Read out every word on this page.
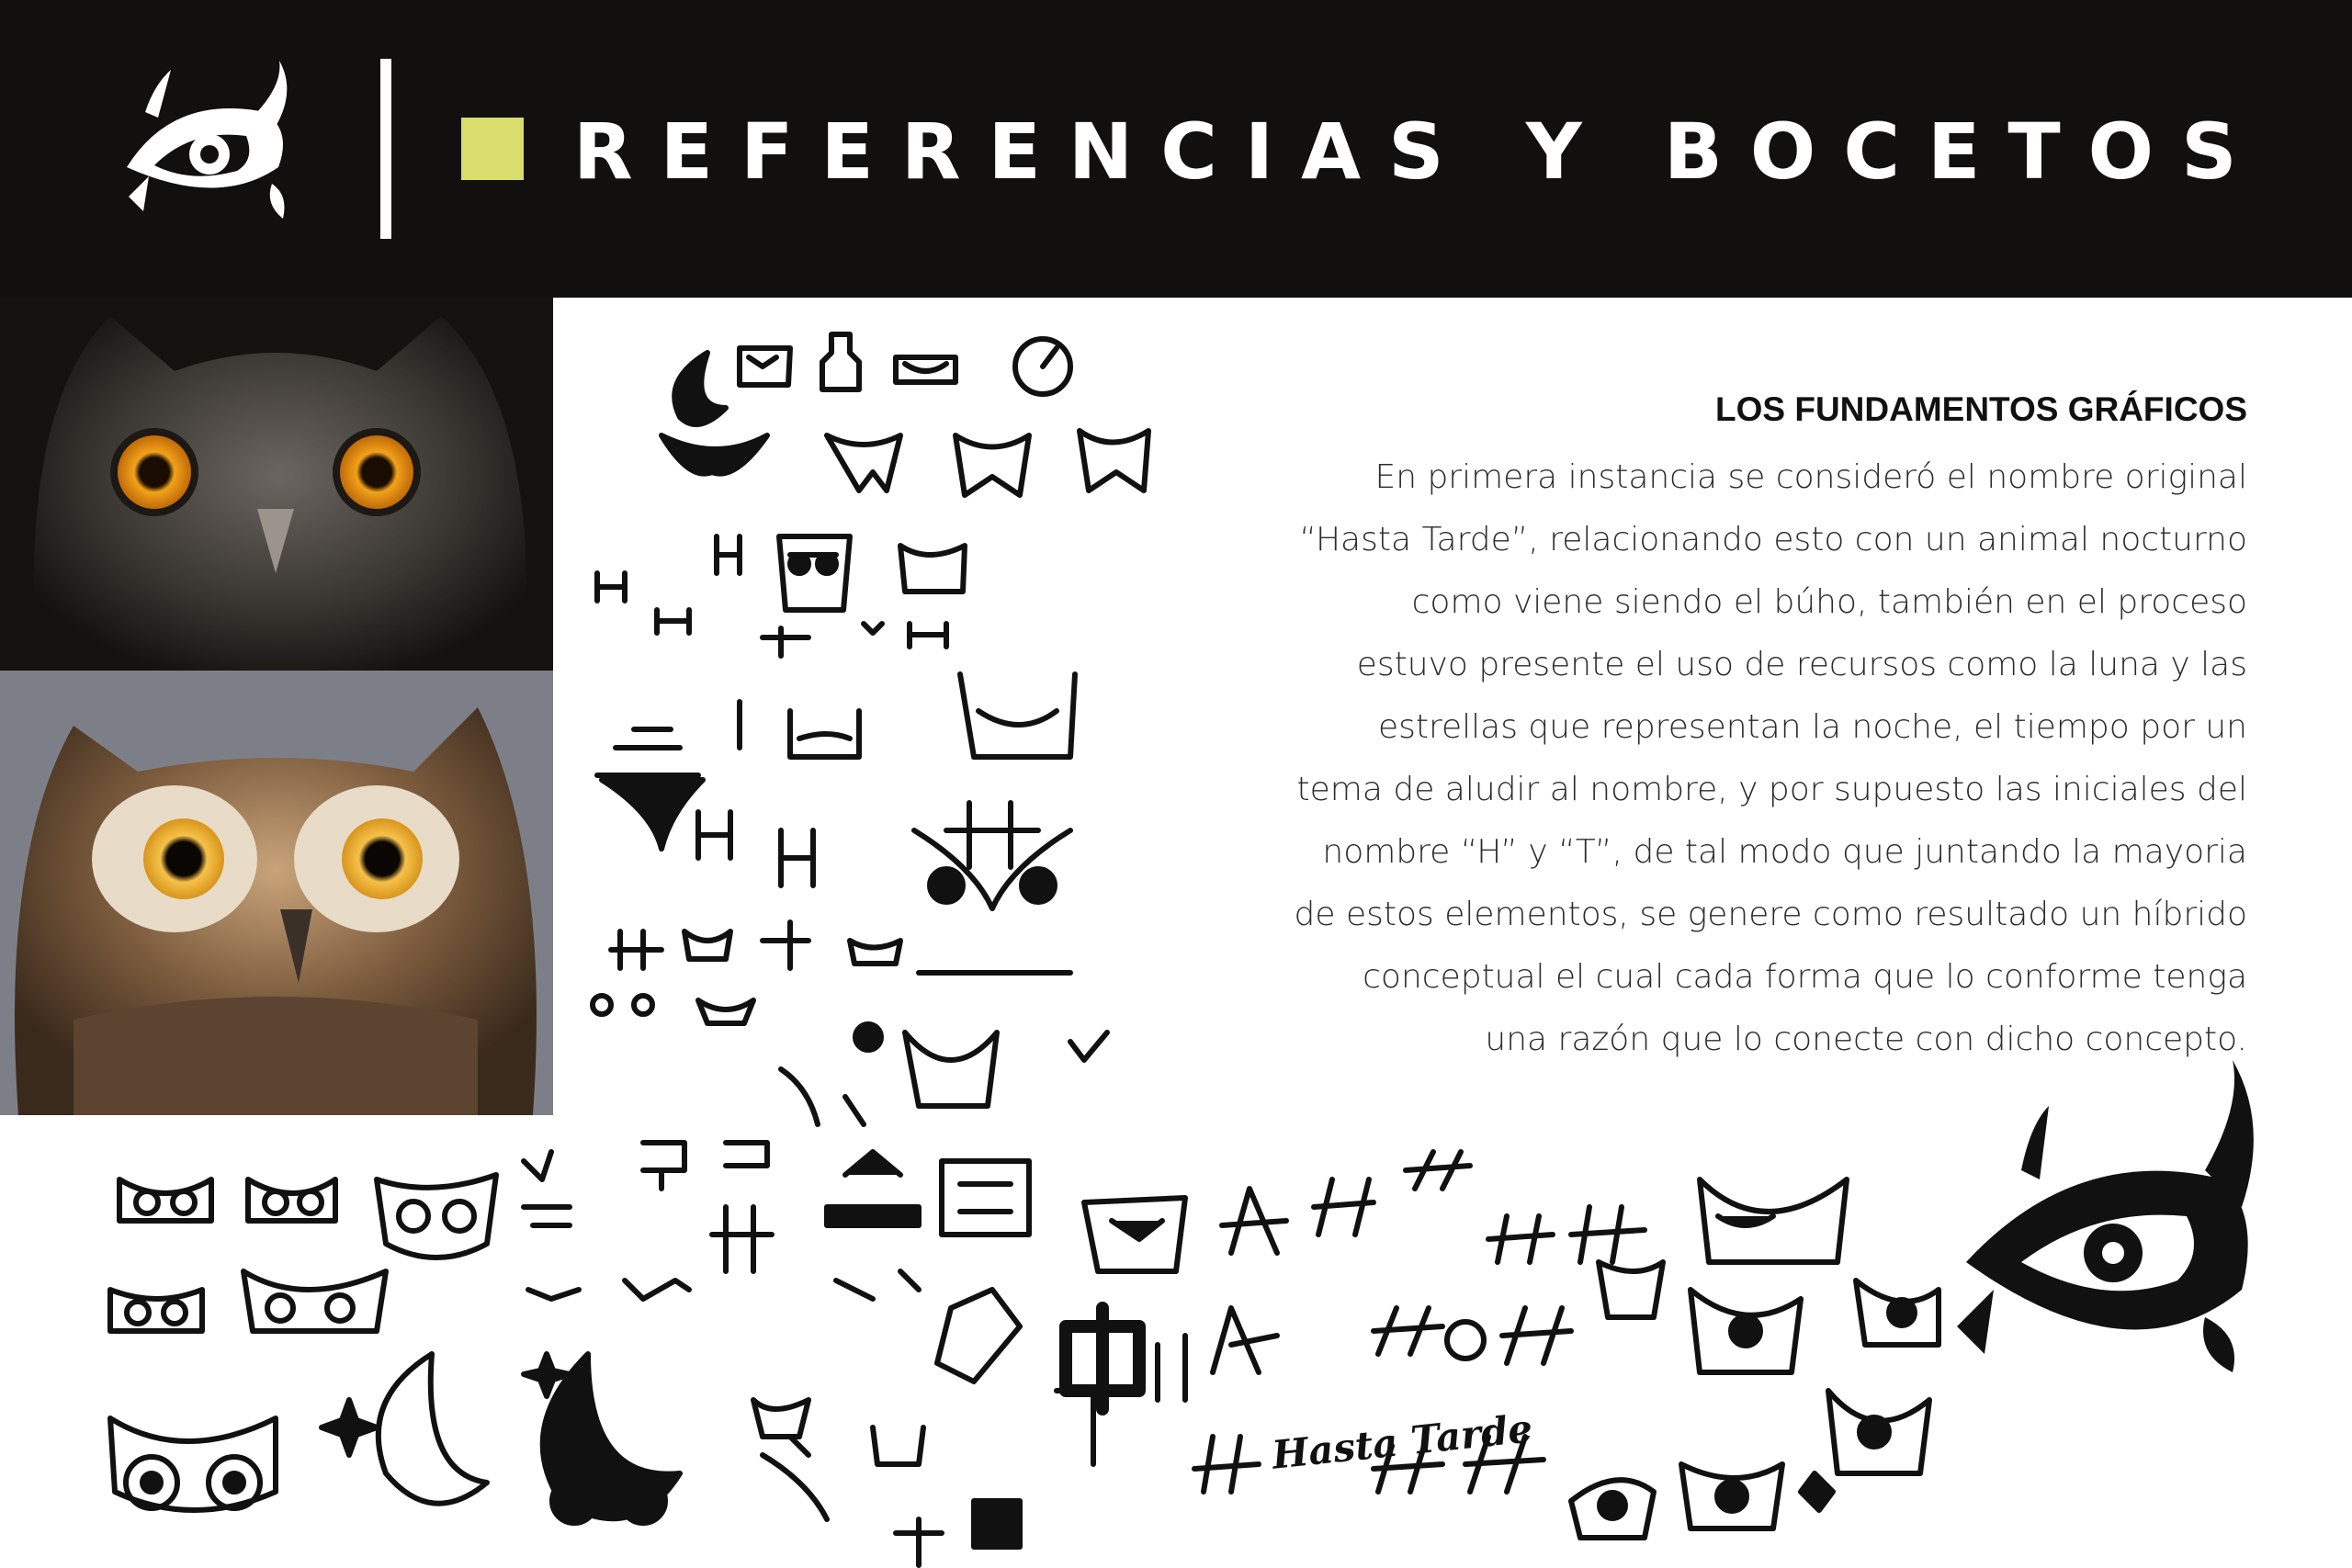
REFERENCIAS Y BOCETOS
Hasta Tarde
LOS FUNDAMENTOS GRÁFICOS

En primera instancia se consideró el nombre original
“Hasta Tarde”, relacionando esto con un animal nocturno
como viene siendo el búho, también en el proceso
estuvo presente el uso de recursos como la luna y las
estrellas que representan la noche, el tiempo por un
tema de aludir al nombre, y por supuesto las iniciales del
nombre “H” y “T”, de tal modo que juntando la mayoria
de estos elementos, se genere como resultado un híbrido
conceptual el cual cada forma que lo conforme tenga
una razón que lo conecte con dicho concepto.
